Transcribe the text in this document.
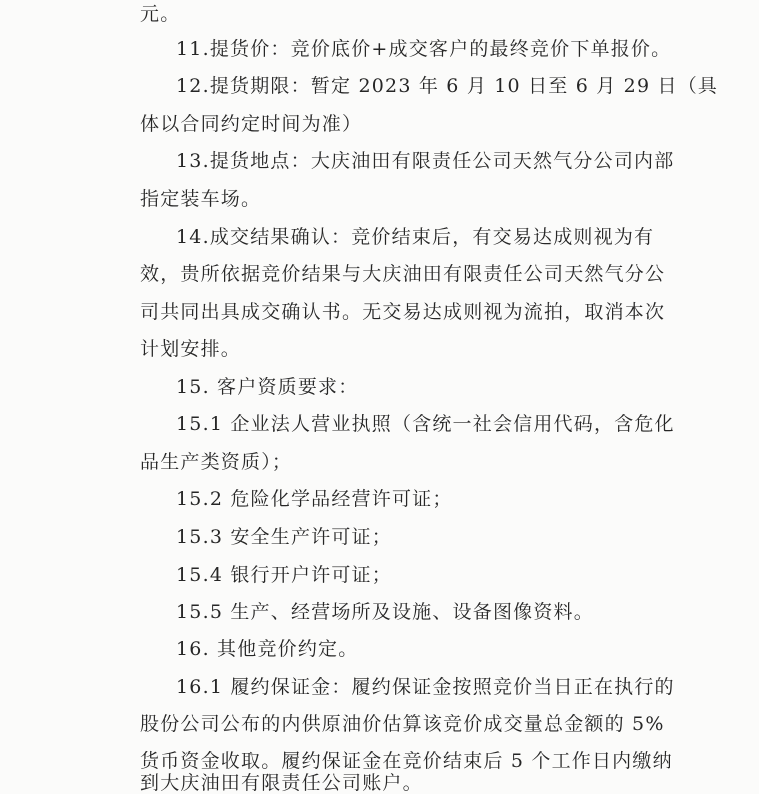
元。
11.提货价：竞价底价+成交客户的最终竞价下单报价。
12.提货期限：暂定 2023 年 6 月 10 日至 6 月 29 日（具
体以合同约定时间为准）
13.提货地点：大庆油田有限责任公司天然气分公司内部
指定装车场。
14.成交结果确认：竞价结束后，有交易达成则视为有
效，贵所依据竞价结果与大庆油田有限责任公司天然气分公
司共同出具成交确认书。无交易达成则视为流拍，取消本次
计划安排。
15. 客户资质要求：
15.1 企业法人营业执照（含统一社会信用代码，含危化
品生产类资质）；
15.2 危险化学品经营许可证；
15.3 安全生产许可证；
15.4 银行开户许可证；
15.5 生产、经营场所及设施、设备图像资料。
16. 其他竞价约定。
16.1 履约保证金：履约保证金按照竞价当日正在执行的
股份公司公布的内供原油价估算该竞价成交量总金额的 5%
货币资金收取。履约保证金在竞价结束后 5 个工作日内缴纳
到大庆油田有限责任公司账户。
